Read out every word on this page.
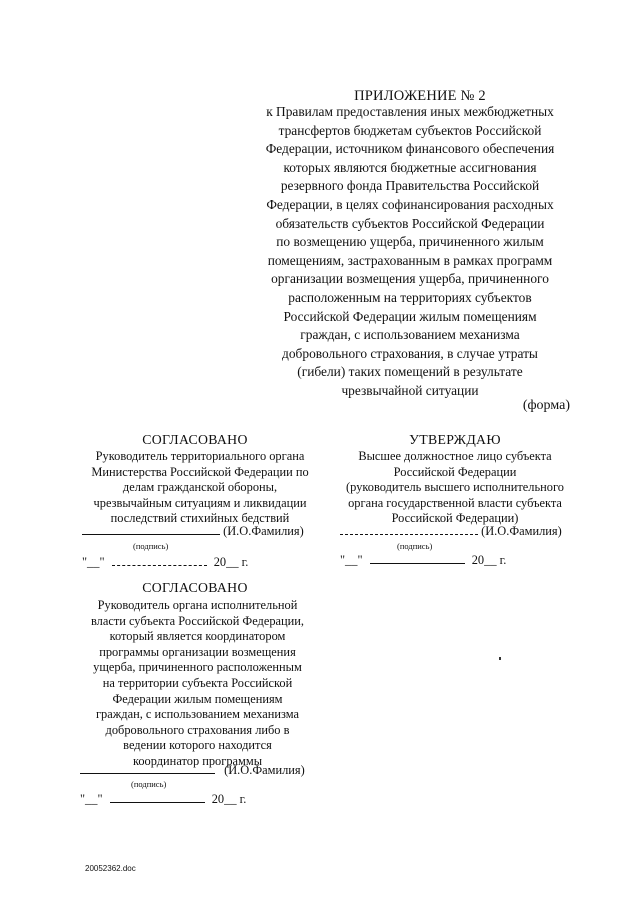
ПРИЛОЖЕНИЕ № 2
к Правилам предоставления иных межбюджетных
трансфертов бюджетам субъектов Российской
Федерации, источником финансового обеспечения
которых являются бюджетные ассигнования
резервного фонда Правительства Российской
Федерации, в целях софинансирования расходных
обязательств субъектов Российской Федерации
по возмещению ущерба, причиненного жилым
помещениям, застрахованным в рамках программ
организации возмещения ущерба, причиненного
расположенным на территориях субъектов
Российской Федерации жилым помещениям
граждан, с использованием механизма
добровольного страхования, в случае утраты
(гибели) таких помещений в результате
чрезвычайной ситуации
(форма)
СОГЛАСОВАНО
Руководитель территориального органа
Министерства Российской Федерации по
делам гражданской обороны,
чрезвычайным ситуациям и ликвидации
последствий стихийных бедствий
(И.О.Фамилия)
(подпись)
"__"	20__ г.
УТВЕРЖДАЮ
Высшее должностное лицо субъекта
Российской Федерации
(руководитель высшего исполнительного
органа государственной власти субъекта
Российской Федерации)
(И.О.Фамилия)
(подпись)
"__"	20__ г.
СОГЛАСОВАНО
Руководитель органа исполнительной
власти субъекта Российской Федерации,
который является координатором
программы организации возмещения
ущерба, причиненного расположенным
на территории субъекта Российской
Федерации жилым помещениям
граждан, с использованием механизма
добровольного страхования либо в
ведении которого находится
координатор программы
(И.О.Фамилия)
(подпись)
"__"	20__ г.
20052362.doc
